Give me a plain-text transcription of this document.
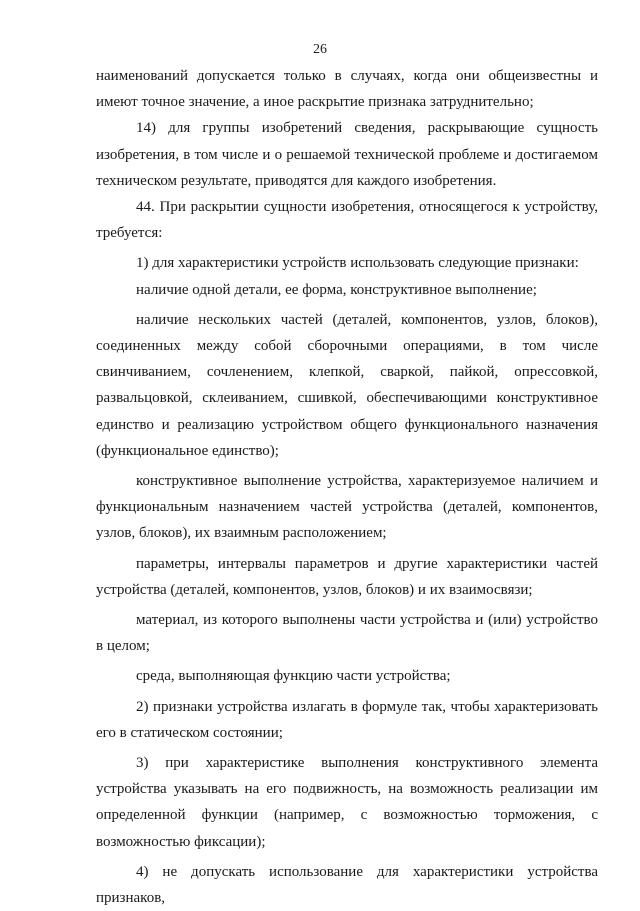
26

наименований допускается только в случаях, когда они общеизвестны и имеют точное значение, а иное раскрытие признака затруднительно;

14) для группы изобретений сведения, раскрывающие сущность изобретения, в том числе и о решаемой технической проблеме и достигаемом техническом результате, приводятся для каждого изобретения.

44. При раскрытии сущности изобретения, относящегося к устройству, требуется:

1) для характеристики устройств использовать следующие признаки:

наличие одной детали, ее форма, конструктивное выполнение;

наличие нескольких частей (деталей, компонентов, узлов, блоков), соединенных между собой сборочными операциями, в том числе свинчиванием, сочленением, клепкой, сваркой, пайкой, опрессовкой, развальцовкой, склеиванием, сшивкой, обеспечивающими конструктивное единство и реализацию устройством общего функционального назначения (функциональное единство);

конструктивное выполнение устройства, характеризуемое наличием и функциональным назначением частей устройства (деталей, компонентов, узлов, блоков), их взаимным расположением;

параметры, интервалы параметров и другие характеристики частей устройства (деталей, компонентов, узлов, блоков) и их взаимосвязи;

материал, из которого выполнены части устройства и (или) устройство в целом;

среда, выполняющая функцию части устройства;

2) признаки устройства излагать в формуле так, чтобы характеризовать его в статическом состоянии;

3) при характеристике выполнения конструктивного элемента устройства указывать на его подвижность, на возможность реализации им определенной функции (например, с возможностью торможения, с возможностью фиксации);

4) не допускать использование для характеристики устройства признаков,
